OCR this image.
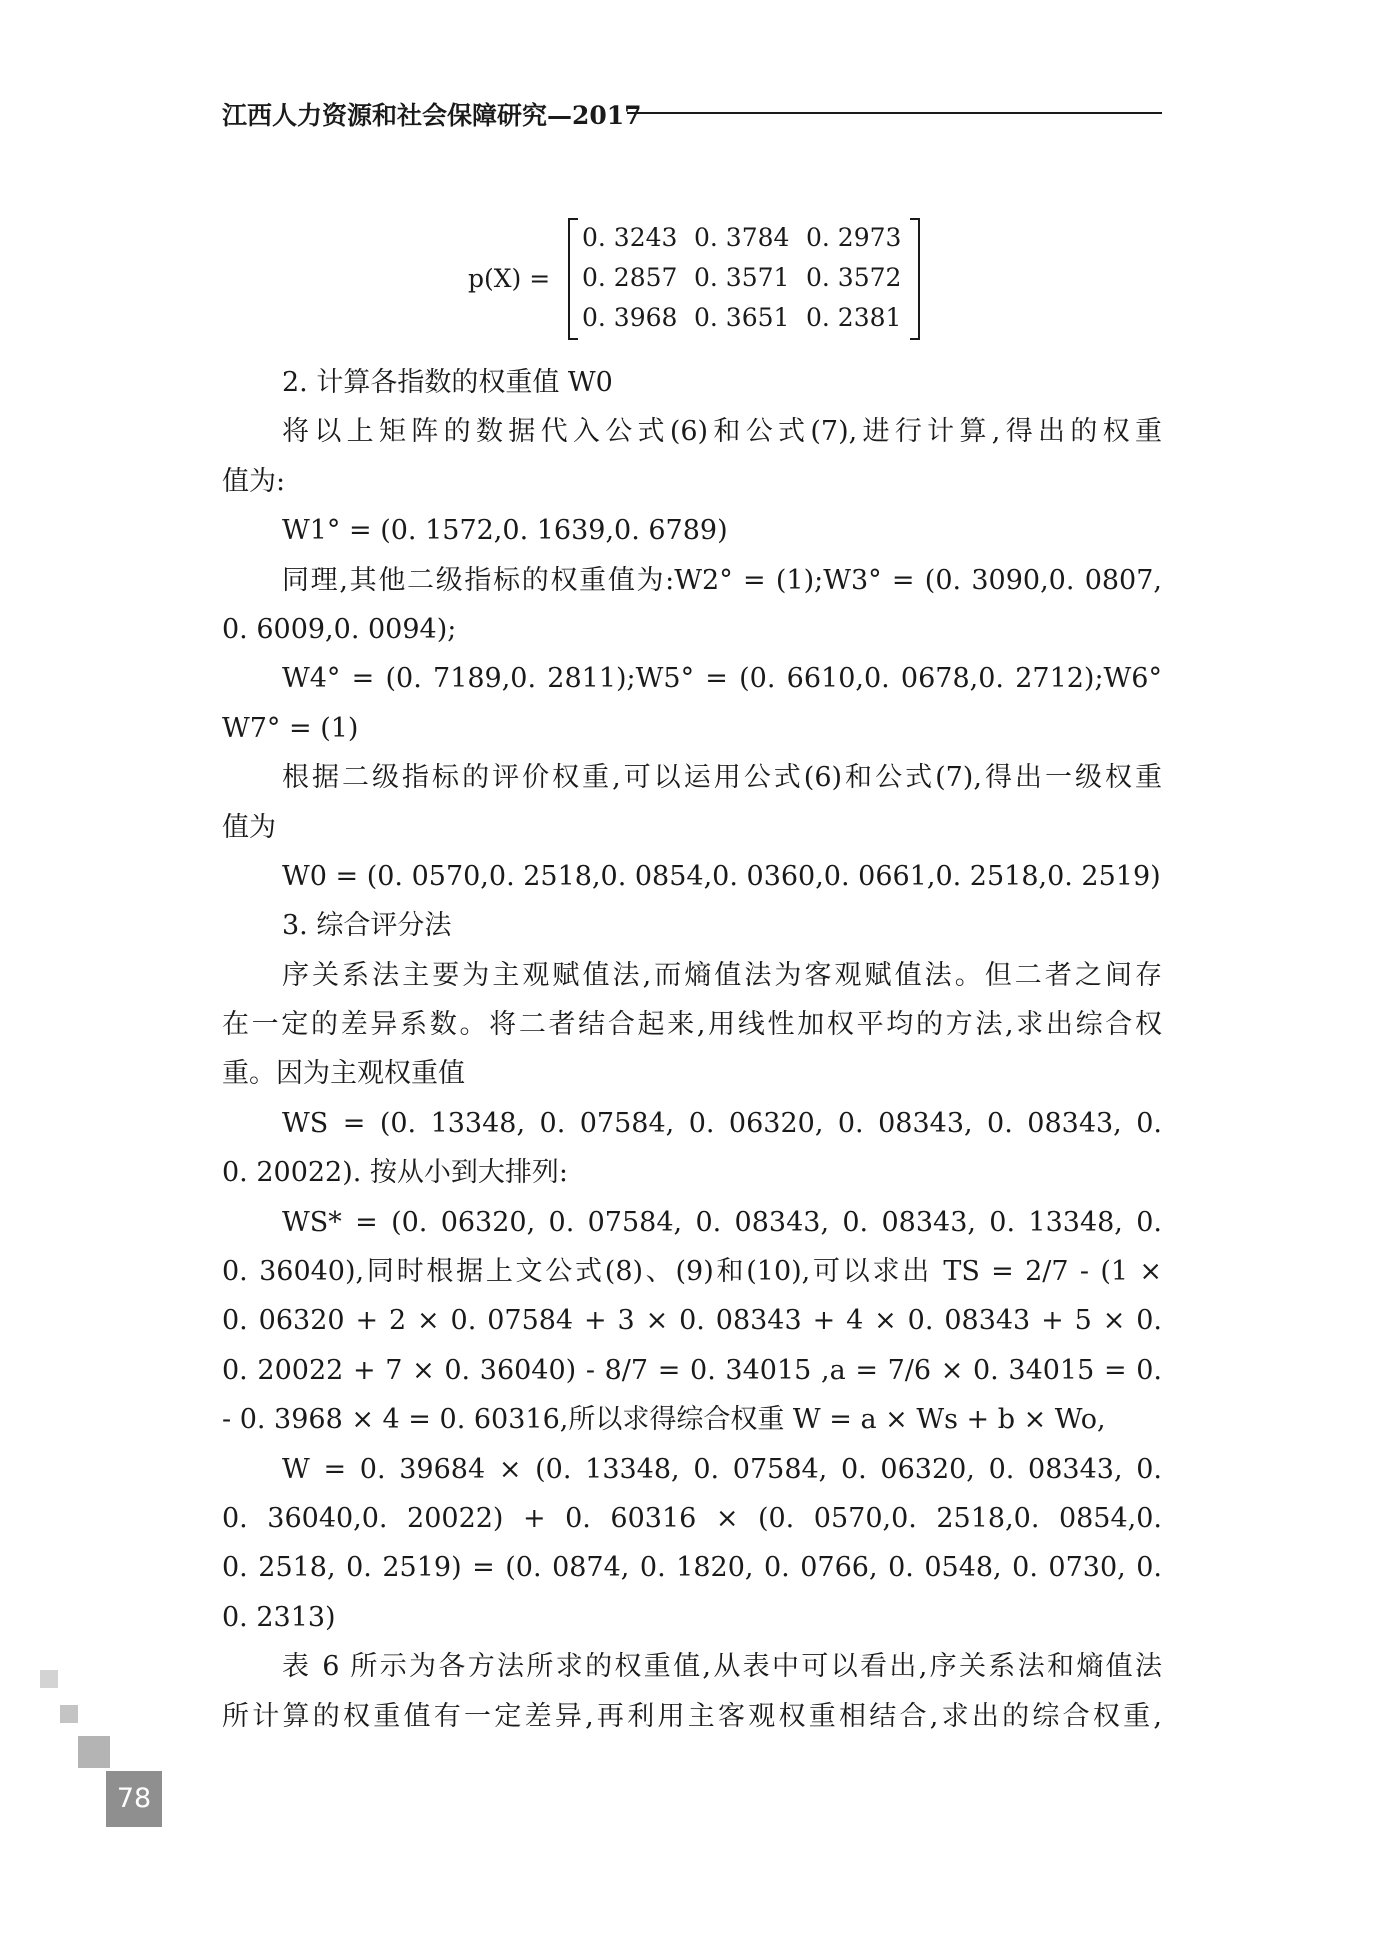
江西人力资源和社会保障研究—2017
p(X) =
0. 3243 0. 3784 0. 2973
0. 2857 0. 3571 0. 3572
0. 3968 0. 3651 0. 2381
2. 计算各指数的权重值 W0
将以上矩阵的数据代入公式(6)和公式(7),进行计算,得出的权重
值为:
W1° = (0. 1572,0. 1639,0. 6789)
同理,其他二级指标的权重值为:W2° = (1);W3° = (0. 3090,0. 0807,
0. 6009,0. 0094);
W4° = (0. 7189,0. 2811);W5° = (0. 6610,0. 0678,0. 2712);W6°
W7° = (1)
根据二级指标的评价权重,可以运用公式(6)和公式(7),得出一级权重
值为
W0 = (0. 0570,0. 2518,0. 0854,0. 0360,0. 0661,0. 2518,0. 2519)
3. 综合评分法
序关系法主要为主观赋值法,而熵值法为客观赋值法。但二者之间存
在一定的差异系数。将二者结合起来,用线性加权平均的方法,求出综合权
重。因为主观权重值
WS = (0. 13348, 0. 07584, 0. 06320, 0. 08343, 0. 08343, 0.
0. 20022). 按从小到大排列:
WS* = (0. 06320, 0. 07584, 0. 08343, 0. 08343, 0. 13348, 0.
0. 36040),同时根据上文公式(8)、(9)和(10),可以求出 TS = 2/7 - (1 ×
0. 06320 + 2 × 0. 07584 + 3 × 0. 08343 + 4 × 0. 08343 + 5 × 0.
0. 20022 + 7 × 0. 36040) - 8/7 = 0. 34015 ,a = 7/6 × 0. 34015 = 0.
- 0. 3968 × 4 = 0. 60316,所以求得综合权重 W = a × Ws + b × Wo,
W = 0. 39684 × (0. 13348, 0. 07584, 0. 06320, 0. 08343, 0.
0. 36040,0. 20022) + 0. 60316 × (0. 0570,0. 2518,0. 0854,0.
0. 2518, 0. 2519) = (0. 0874, 0. 1820, 0. 0766, 0. 0548, 0. 0730, 0.
0. 2313)
表 6 所示为各方法所求的权重值,从表中可以看出,序关系法和熵值法
所计算的权重值有一定差异,再利用主客观权重相结合,求出的综合权重,
78
